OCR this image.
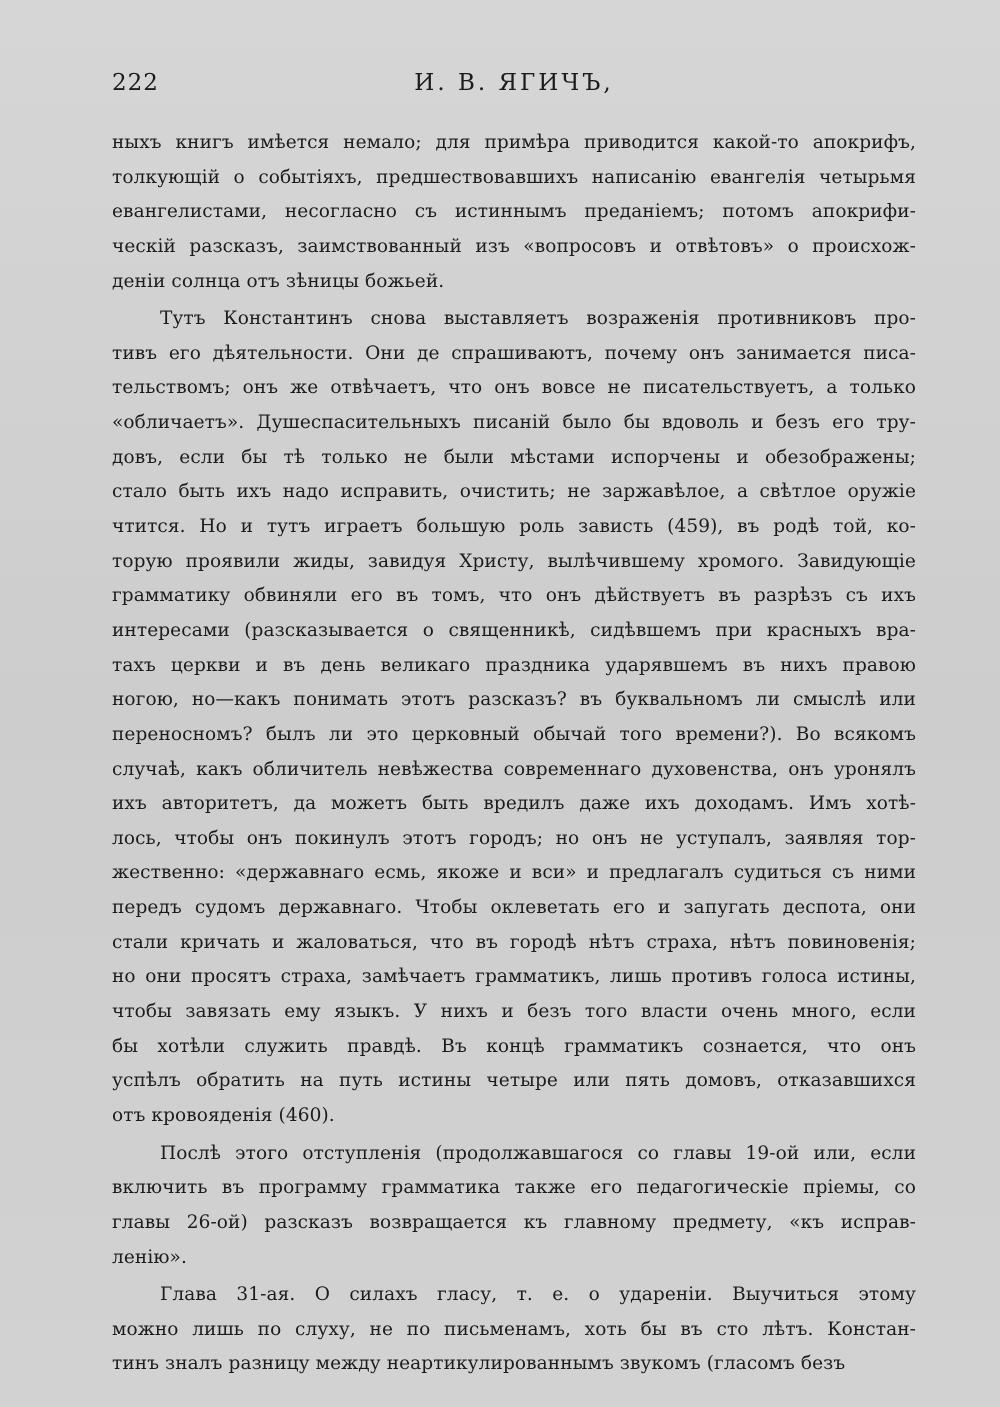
222	И. В. ЯГИЧЪ,
ныхъ книгъ имѣется немало; для примѣра приводится какой-то апокрифъ,
толкующій о событіяхъ, предшествовавшихъ написанію евангелія четырьмя
евангелистами, несогласно съ истиннымъ преданіемъ; потомъ апокрифи-
ческій разсказъ, заимствованный изъ «вопросовъ и отвѣтовъ» о происхож-
деніи солнца отъ зѣницы божьей.
Тутъ Константинъ снова выставляетъ возраженія противниковъ про-
тивъ его дѣятельности. Они де спрашиваютъ, почему онъ занимается писа-
тельствомъ; онъ же отвѣчаетъ, что онъ вовсе не писательствуетъ, а только
«обличаетъ». Душеспасительныхъ писаній было бы вдоволь и безъ его тру-
довъ, если бы тѣ только не были мѣстами испорчены и обезображены;
стало быть ихъ надо исправить, очистить; не заржавѣлое, а свѣтлое оружіе
чтится. Но и тутъ играетъ большую роль зависть (459), въ родѣ той, ко-
торую проявили жиды, завидуя Христу, вылѣчившему хромого. Завидующіе
грамматику обвиняли его въ томъ, что онъ дѣйствуетъ въ разрѣзъ съ ихъ
интересами (разсказывается о священникѣ, сидѣвшемъ при красныхъ вра-
тахъ церкви и въ день великаго праздника ударявшемъ въ нихъ правою
ногою, но—какъ понимать этотъ разсказъ? въ буквальномъ ли смыслѣ или
переносномъ? былъ ли это церковный обычай того времени?). Во всякомъ
случаѣ, какъ обличитель невѣжества современнаго духовенства, онъ уронялъ
ихъ авторитетъ, да можетъ быть вредилъ даже ихъ доходамъ. Имъ хотѣ-
лось, чтобы онъ покинулъ этотъ городъ; но онъ не уступалъ, заявляя тор-
жественно: «державнаго есмь, якоже и вси» и предлагалъ судиться съ ними
передъ судомъ державнаго. Чтобы оклеветать его и запугать деспота, они
стали кричать и жаловаться, что въ городѣ нѣтъ страха, нѣтъ повиновенія;
но они просятъ страха, замѣчаетъ грамматикъ, лишь противъ голоса истины,
чтобы завязать ему языкъ. У нихъ и безъ того власти очень много, если
бы хотѣли служить правдѣ. Въ концѣ грамматикъ сознается, что онъ
успѣлъ обратить на путь истины четыре или пять домовъ, отказавшихся
отъ кровояденія (460).
Послѣ этого отступленія (продолжавшагося со главы 19-ой или, если
включить въ программу грамматика также его педагогическіе пріемы, со
главы 26-ой) разсказъ возвращается къ главному предмету, «къ исправ-
ленію».
Глава 31-ая. О силахъ гласу, т. е. о удареніи. Выучиться этому
можно лишь по слуху, не по письменамъ, хоть бы въ сто лѣтъ. Констан-
тинъ зналъ разницу между неартикулированнымъ звукомъ (гласомъ безъ
